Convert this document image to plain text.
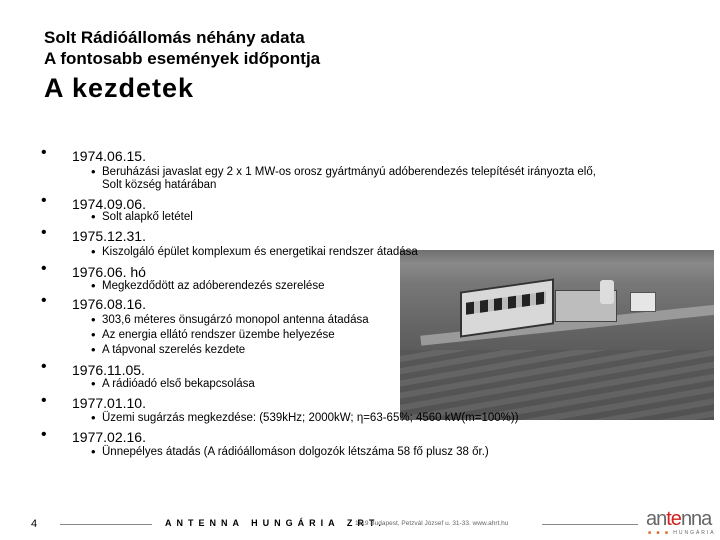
Solt Rádióállomás néhány adata
A fontosabb események időpontja
A kezdetek
• 1974.06.15.
• Beruházási javaslat egy 2 x 1 MW-os orosz gyártmányú adóberendezés telepítését irányozta elő,
Solt község határában
• 1974.09.06.
• Solt alapkő letétel
• 1975.12.31.
• Kiszolgáló épület komplexum és energetikai rendszer átadása
• 1976.06. hó
• Megkezdődött az adóberendezés szerelése
• 1976.08.16.
• 303,6 méteres önsugárzó monopol antenna átadása
• Az energia ellátó rendszer üzembe helyezése
• A tápvonal szerelés kezdete
• 1976.11.05.
• A rádióadó első bekapcsolása
• 1977.01.10.
• Üzemi sugárzás megkezdése: (539kHz; 2000kW; η=63-65%; 4560 kW(m=100%))
• 1977.02.16.
• Ünnepélyes átadás (A rádióállomáson dolgozók létszáma 58 fő plusz 38 őr.)
4	ANTENNA HUNGÁRIA ZRT.
1119 Budapest, Petzvál József u. 31-33. www.ahrt.hu	antenna
■ ■ ■ HUNGÁRIA
